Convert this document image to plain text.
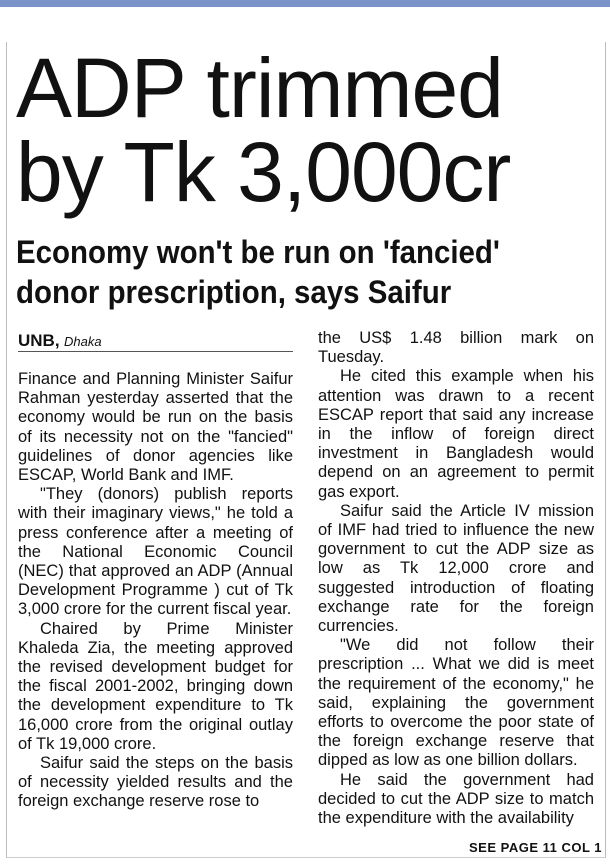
ADP trimmed
by Tk 3,000cr
Economy won't be run on 'fancied'
donor prescription, says Saifur
UNB, Dhaka

Finance and Planning Minister Saifur Rahman yesterday asserted that the economy would be run on the basis of its necessity not on the "fancied" guidelines of donor agencies like ESCAP, World Bank and IMF.

"They (donors) publish reports with their imaginary views," he told a press conference after a meeting of the National Economic Council (NEC) that approved an ADP (Annual Development Programme ) cut of Tk 3,000 crore for the current fiscal year.

Chaired by Prime Minister Khaleda Zia, the meeting approved the revised development budget for the fiscal 2001-2002, bringing down the development expenditure to Tk 16,000 crore from the original outlay of Tk 19,000 crore.

Saifur said the steps on the basis of necessity yielded results and the foreign exchange reserve rose to

the US$ 1.48 billion mark on Tuesday.

He cited this example when his attention was drawn to a recent ESCAP report that said any increase in the inflow of foreign direct investment in Bangladesh would depend on an agreement to permit gas export.

Saifur said the Article IV mission of IMF had tried to influence the new government to cut the ADP size as low as Tk 12,000 crore and suggested introduction of floating exchange rate for the foreign currencies.

"We did not follow their prescription ... What we did is meet the requirement of the economy," he said, explaining the government efforts to overcome the poor state of the foreign exchange reserve that dipped as low as one billion dollars.

He said the government had decided to cut the ADP size to match the expenditure with the availability

SEE PAGE 11 COL 1
